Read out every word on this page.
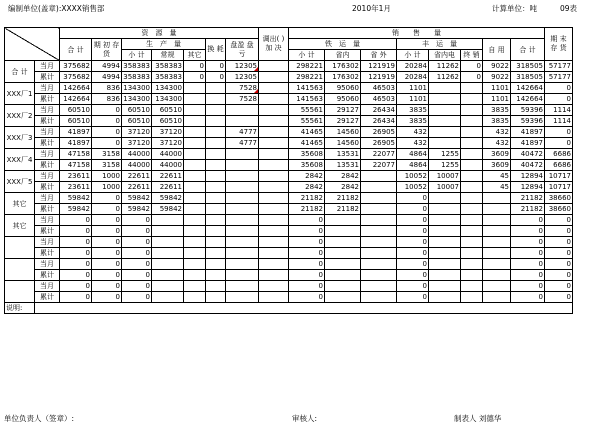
编制单位(盖章):XXXX销售部	2010年1月	计算单位：吨	09表
		资　源　量							调出( )加 决	销　　售　　量								期 末 存 货
		合 计	期 初 存 货	生　产　量			换 耗	盘盈 盘亏		铁　运　量			丰　运　量			自 用	合 计	
				小 计	常规	其它				小 计	省内	省 外	小 计	省内电	终 销			
合 计	当月	375682	4994	358383	358383	0	0	12305		298221	176302	121919	20284	11262	0	9022	318505	57177
	累计	375682	4994	358383	358383	0	0	12305		298221	176302	121919	20284	11262	0	9022	318505	57177
XXX厂1	当月	142664	836	134300	134300			7528		141563	95060	46503	1101			1101	142664	0
	累计	142664	836	134300	134300			7528		141563	95060	46503	1101			1101	142664	0
XXX厂2	当月	60510	0	60510	60510					55561	29127	26434	3835			3835	59396	1114
	累计	60510	0	60510	60510					55561	29127	26434	3835			3835	59396	1114
XXX厂3	当月	41897	0	37120	37120			4777		41465	14560	26905	432			432	41897	0
	累计	41897	0	37120	37120			4777		41465	14560	26905	432			432	41897	0
XXX厂4	当月	47158	3158	44000	44000					35608	13531	22077	4864	1255		3609	40472	6686
	累计	47158	3158	44000	44000					35608	13531	22077	4864	1255		3609	40472	6686
XXX厂5	当月	23611	1000	22611	22611					2842	2842		10052	10007		45	12894	10717
	累计	23611	1000	22611	22611					2842	2842		10052	10007		45	12894	10717
其它	当月	59842	0	59842	59842					21182	21182		0				21182	38660
	累计	59842	0	59842	59842					21182	21182		0				21182	38660
其它	当月	0	0	0						0			0				0	0
	累计	0	0	0						0			0				0	0
	当月	0	0	0						0			0				0	0
	累计	0	0	0						0			0				0	0
	当月	0	0	0						0			0				0	0
	累计	0	0	0						0			0				0	0
	当月	0	0	0						0			0				0	0
	累计	0	0	0						0			0				0	0
说明:																		
单位负责人（签章）:	审核人:	制表人 刘德华
